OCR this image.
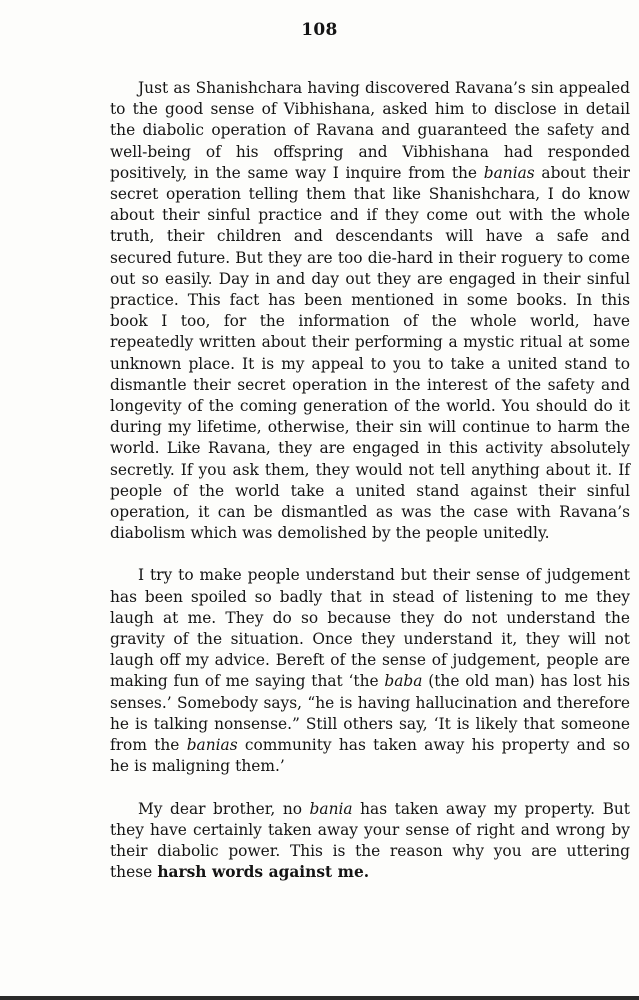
108

Just as Shanishchara having discovered Ravana’s sin appealed to the good sense of Vibhishana, asked him to disclose in detail the diabolic operation of Ravana and guaranteed the safety and well-being of his offspring and Vibhishana had responded positively, in the same way I inquire from the banias about their secret operation telling them that like Shanishchara, I do know about their sinful practice and if they come out with the whole truth, their children and descendants will have a safe and secured future. But they are too die-hard in their roguery to come out so easily. Day in and day out they are engaged in their sinful practice. This fact has been mentioned in some books. In this book I too, for the information of the whole world, have repeatedly written about their performing a mystic ritual at some unknown place. It is my appeal to you to take a united stand to dismantle their secret operation in the interest of the safety and longevity of the coming generation of the world. You should do it during my lifetime, otherwise, their sin will continue to harm the world. Like Ravana, they are engaged in this activity absolutely secretly. If you ask them, they would not tell anything about it. If people of the world take a united stand against their sinful operation, it can be dismantled as was the case with Ravana’s diabolism which was demolished by the people unitedly.

I try to make people understand but their sense of judgement has been spoiled so badly that in stead of listening to me they laugh at me. They do so because they do not understand the gravity of the situation. Once they understand it, they will not laugh off my advice. Bereft of the sense of judgement, people are making fun of me saying that ‘the baba (the old man) has lost his senses.’ Somebody says, “he is having hallucination and therefore he is talking nonsense.” Still others say, ‘It is likely that someone from the banias community has taken away his property and so he is maligning them.’

My dear brother, no bania has taken away my property. But they have certainly taken away your sense of right and wrong by their diabolic power. This is the reason why you are uttering these harsh words against me.
